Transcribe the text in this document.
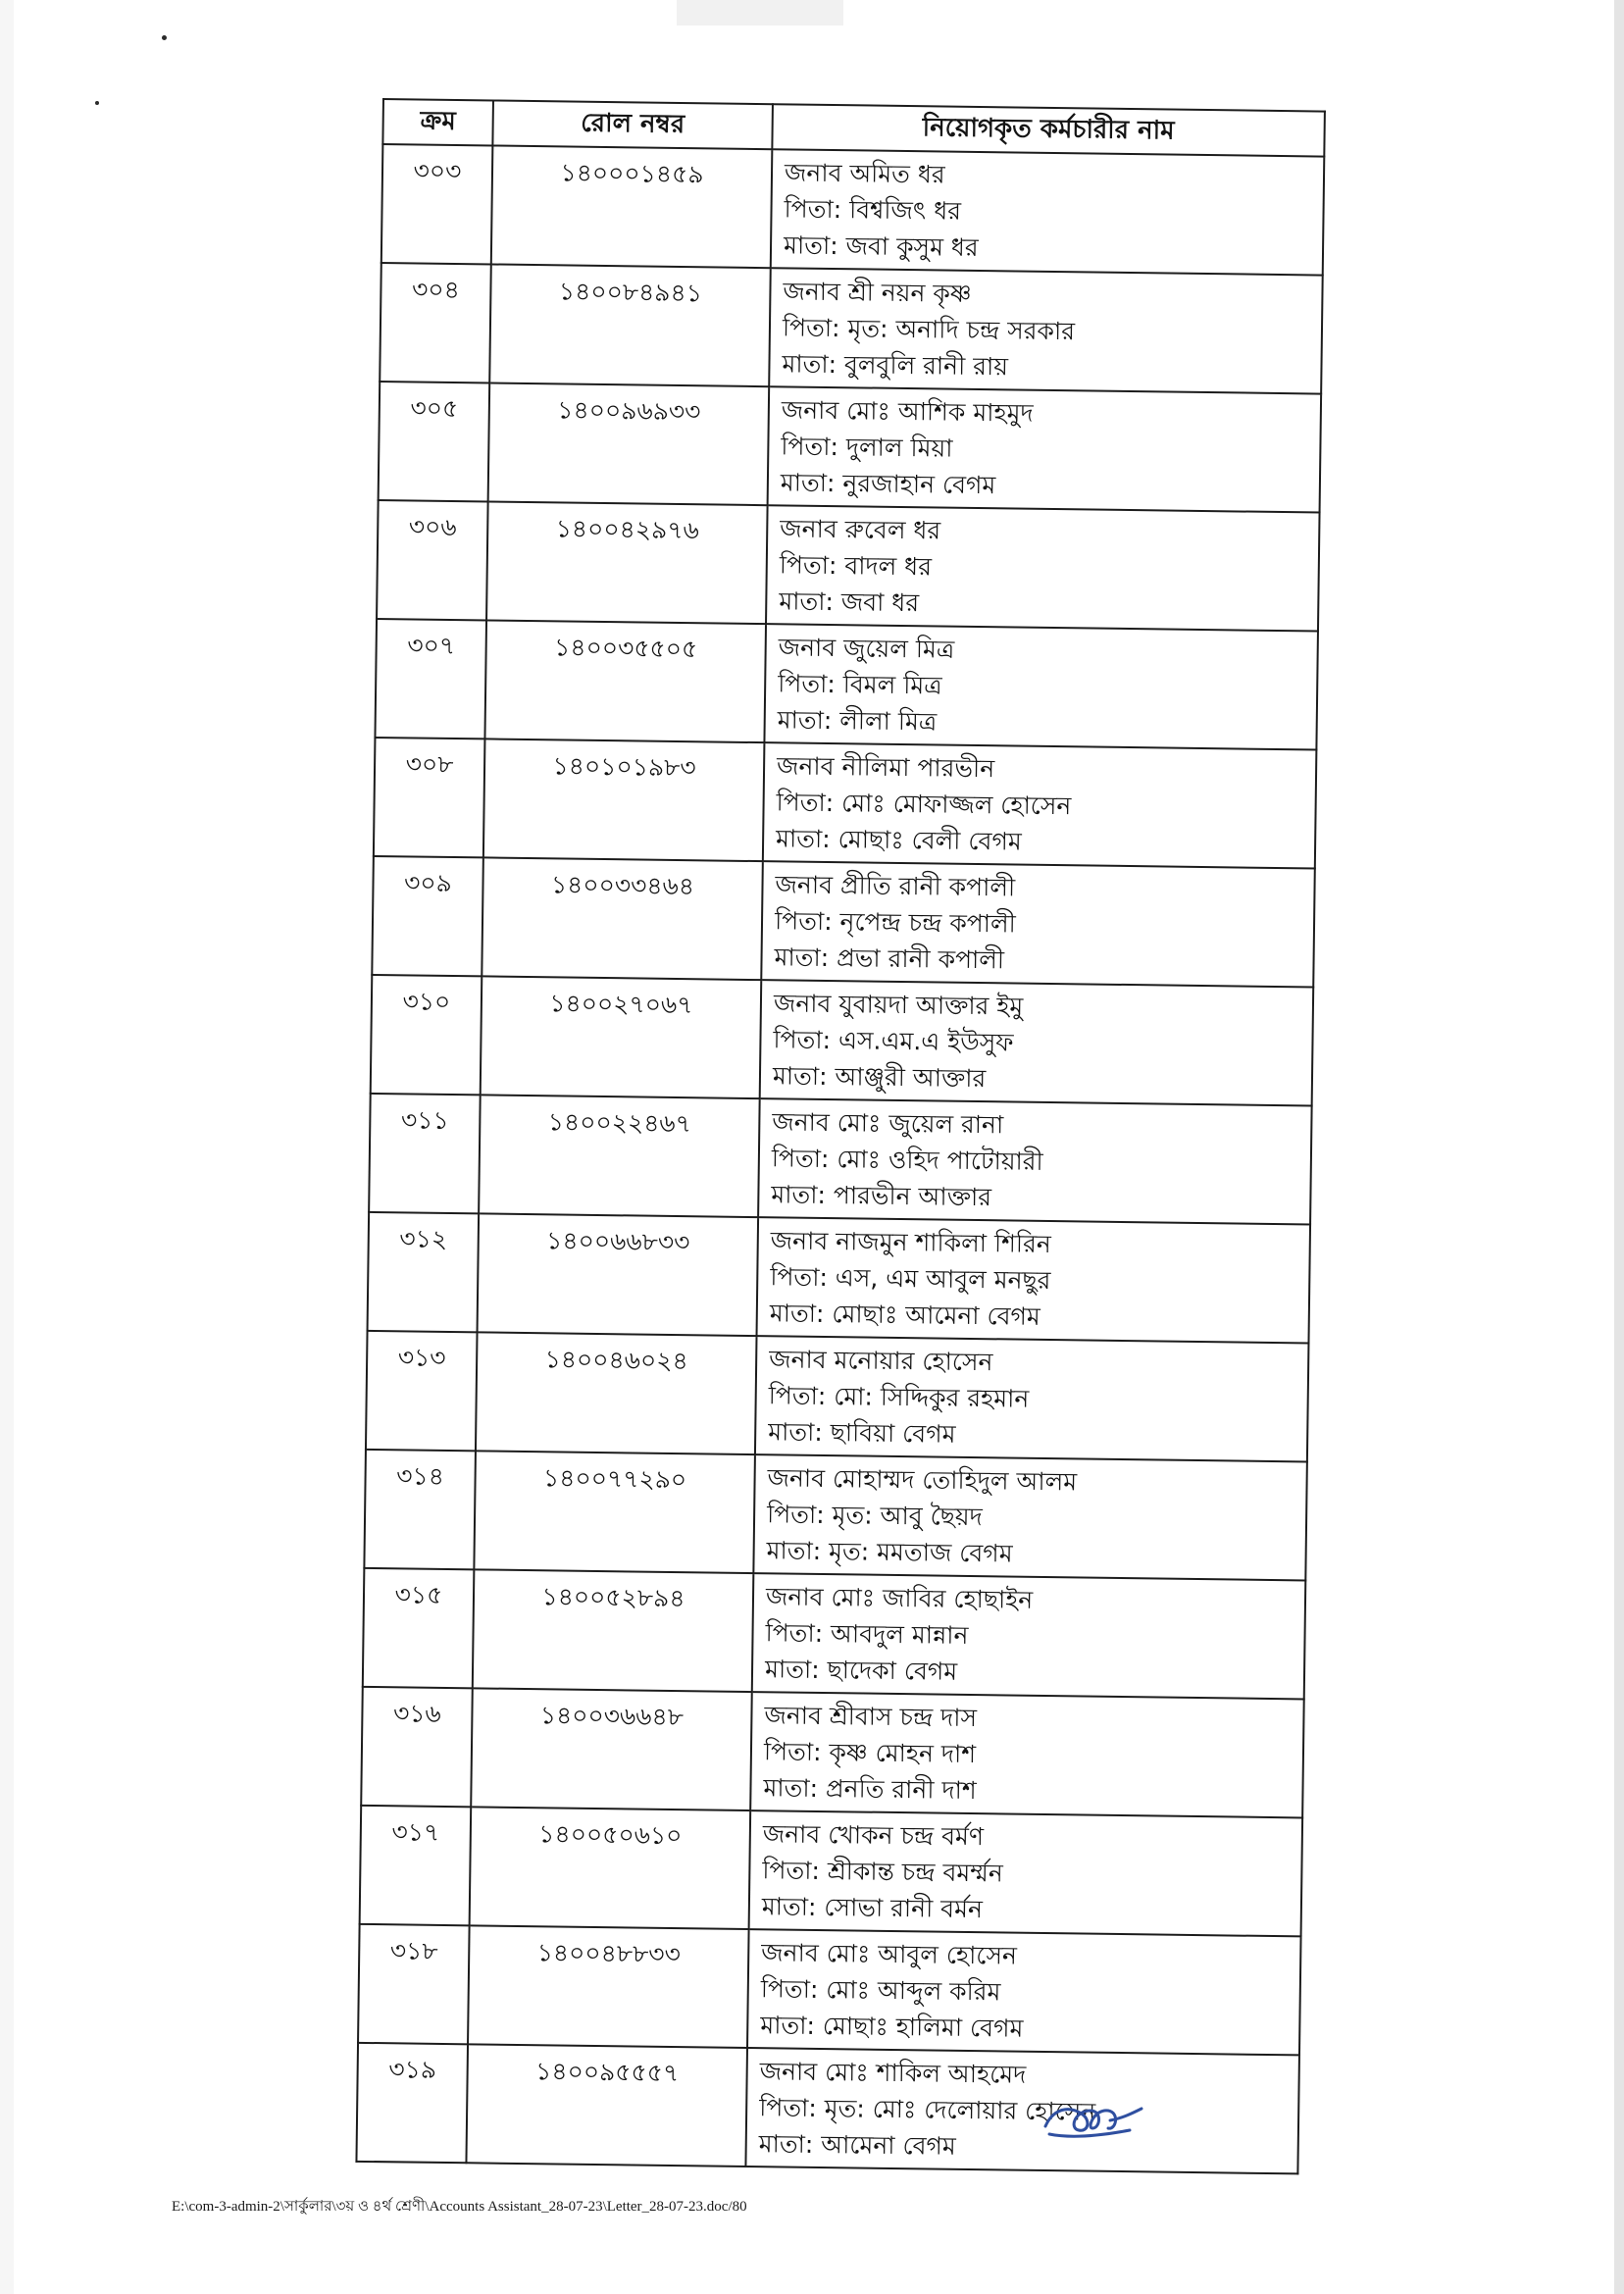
ক্রম	রোল নম্বর	নিয়োগকৃত কর্মচারীর নাম
৩০৩	১৪০০০১৪৫৯	জনাব অমিত ধর
পিতা: বিশ্বজিৎ ধর
মাতা: জবা কুসুম ধর

৩০৪	১৪০০৮৪৯৪১	জনাব শ্রী নয়ন কৃষ্ণ
পিতা: মৃত: অনাদি চন্দ্র সরকার
মাতা: বুলবুলি রানী রায়

৩০৫	১৪০০৯৬৯৩৩	জনাব মোঃ আশিক মাহমুদ
পিতা: দুলাল মিয়া
মাতা: নুরজাহান বেগম

৩০৬	১৪০০৪২৯৭৬	জনাব রুবেল ধর
পিতা: বাদল ধর
মাতা: জবা ধর

৩০৭	১৪০০৩৫৫০৫	জনাব জুয়েল মিত্র
পিতা: বিমল মিত্র
মাতা: লীলা মিত্র

৩০৮	১৪০১০১৯৮৩	জনাব নীলিমা পারভীন
পিতা: মোঃ মোফাজ্জল হোসেন
মাতা: মোছাঃ বেলী বেগম

৩০৯	১৪০০৩৩৪৬৪	জনাব প্রীতি রানী কপালী
পিতা: নৃপেন্দ্র চন্দ্র কপালী
মাতা: প্রভা রানী কপালী

৩১০	১৪০০২৭০৬৭	জনাব যুবায়দা আক্তার ইমু
পিতা: এস.এম.এ ইউসুফ
মাতা: আঞ্জুরী আক্তার

৩১১	১৪০০২২৪৬৭	জনাব মোঃ জুয়েল রানা
পিতা: মোঃ ওহিদ পাটোয়ারী
মাতা: পারভীন আক্তার

৩১২	১৪০০৬৬৮৩৩	জনাব নাজমুন শাকিলা শিরিন
পিতা: এস, এম আবুল মনছুর
মাতা: মোছাঃ আমেনা বেগম

৩১৩	১৪০০৪৬০২৪	জনাব মনোয়ার হোসেন
পিতা: মো: সিদ্দিকুর রহমান
মাতা: ছাবিয়া বেগম

৩১৪	১৪০০৭৭২৯০	জনাব মোহাম্মদ তোহিদুল আলম
পিতা: মৃত: আবু ছৈয়দ
মাতা: মৃত: মমতাজ বেগম

৩১৫	১৪০০৫২৮৯৪	জনাব মোঃ জাবির হোছাইন
পিতা: আবদুল মান্নান
মাতা: ছাদেকা বেগম

৩১৬	১৪০০৩৬৬৪৮	জনাব শ্রীবাস চন্দ্র দাস
পিতা: কৃষ্ণ মোহন দাশ
মাতা: প্রনতি রানী দাশ

৩১৭	১৪০০৫০৬১০	জনাব খোকন চন্দ্র বর্মণ
পিতা: শ্রীকান্ত চন্দ্র বমর্ম্মন
মাতা: সোভা রানী বর্মন

৩১৮	১৪০০৪৮৮৩৩	জনাব মোঃ আবুল হোসেন
পিতা: মোঃ আব্দুল করিম
মাতা: মোছাঃ হালিমা বেগম

৩১৯	১৪০০৯৫৫৫৭	জনাব মোঃ শাকিল আহমেদ
পিতা: মৃত: মোঃ দেলোয়ার হোসেন
মাতা: আমেনা বেগম
E:\com-3-admin-2\সার্কুলার\৩য় ও ৪র্থ শ্রেণী\Accounts Assistant_28-07-23\Letter_28-07-23.doc/80
